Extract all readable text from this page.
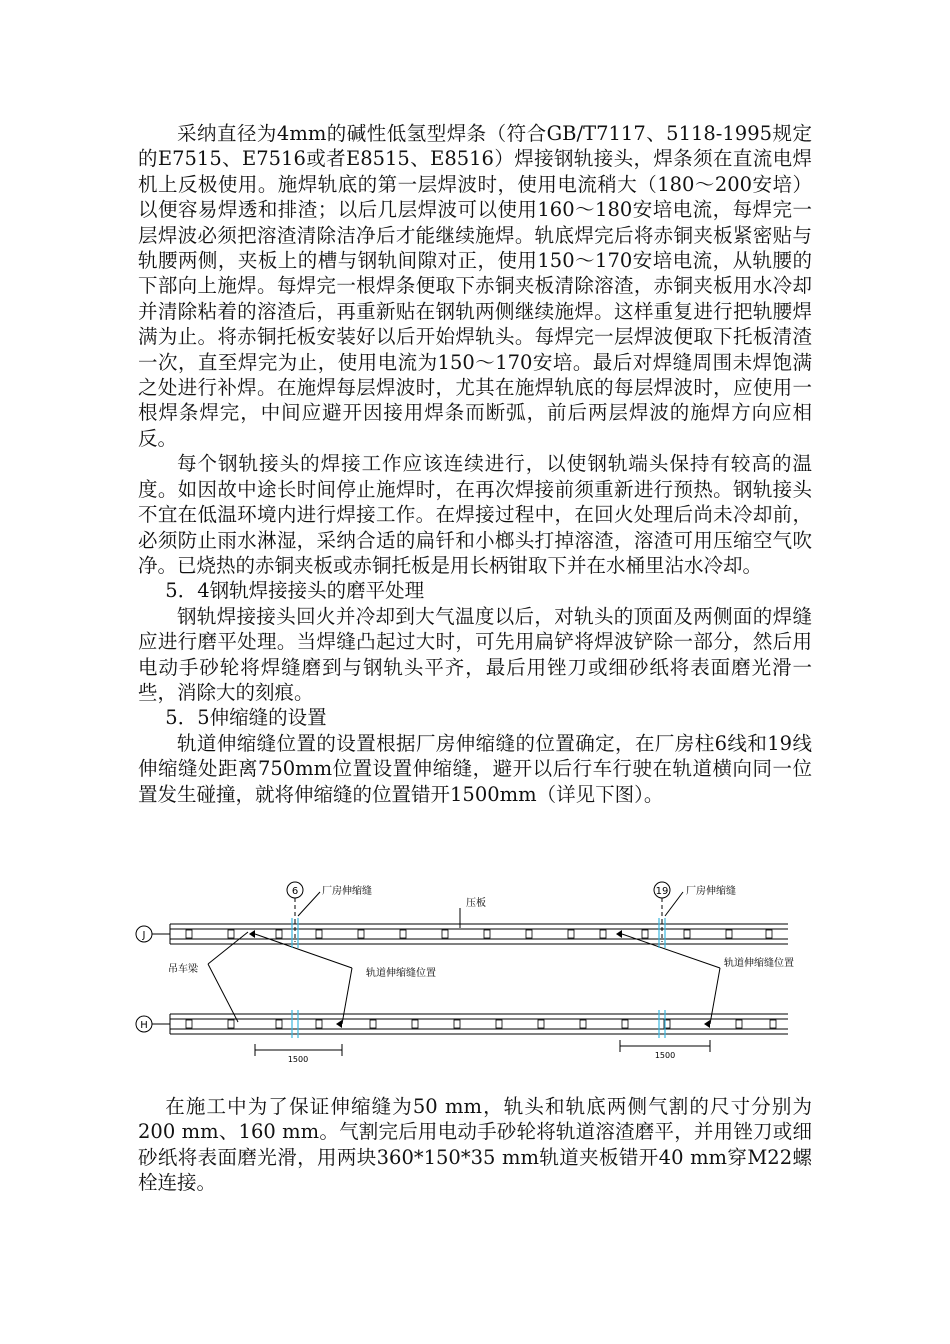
采纳直径为4mm的碱性低氢型焊条（符合GB/T7117、5118-1995规定的E7515、E7516或者E8515、E8516）焊接钢轨接头，焊条须在直流电焊机上反极使用。施焊轨底的第一层焊波时，使用电流稍大（180～200安培）以便容易焊透和排渣；以后几层焊波可以使用160～180安培电流，每焊完一层焊波必须把溶渣清除洁净后才能继续施焊。轨底焊完后将赤铜夹板紧密贴与轨腰两侧，夹板上的槽与钢轨间隙对正，使用150～170安培电流，从轨腰的下部向上施焊。每焊完一根焊条便取下赤铜夹板清除溶渣，赤铜夹板用水冷却并清除粘着的溶渣后，再重新贴在钢轨两侧继续施焊。这样重复进行把轨腰焊满为止。将赤铜托板安装好以后开始焊轨头。每焊完一层焊波便取下托板清渣一次，直至焊完为止，使用电流为150～170安培。最后对焊缝周围未焊饱满之处进行补焊。在施焊每层焊波时，尤其在施焊轨底的每层焊波时，应使用一根焊条焊完，中间应避开因接用焊条而断弧，前后两层焊波的施焊方向应相反。

每个钢轨接头的焊接工作应该连续进行，以使钢轨端头保持有较高的温度。如因故中途长时间停止施焊时，在再次焊接前须重新进行预热。钢轨接头不宜在低温环境内进行焊接工作。在焊接过程中，在回火处理后尚未冷却前，必须防止雨水淋湿，采纳合适的扁钎和小榔头打掉溶渣，溶渣可用压缩空气吹净。已烧热的赤铜夹板或赤铜托板是用长柄钳取下并在水桶里沾水冷却。

5．4钢轨焊接接头的磨平处理

钢轨焊接接头回火并冷却到大气温度以后，对轨头的顶面及两侧面的焊缝应进行磨平处理。当焊缝凸起过大时，可先用扁铲将焊波铲除一部分，然后用电动手砂轮将焊缝磨到与钢轨头平齐，最后用锉刀或细砂纸将表面磨光滑一些，消除大的刻痕。

5．5伸缩缝的设置

轨道伸缩缝位置的设置根据厂房伸缩缝的位置确定，在厂房柱6线和19线伸缩缝处距离750mm位置设置伸缩缝，避开以后行车行驶在轨道横向同一位置发生碰撞，就将伸缩缝的位置错开1500mm（详见下图）。

6	19
厂房伸缩缝	厂房伸缩缝
压板
J
H
吊车梁	轨道伸缩缝位置
轨道伸缩缝位置
1500	1500

在施工中为了保证伸缩缝为50 mm，轨头和轨底两侧气割的尺寸分别为200 mm、160 mm。气割完后用电动手砂轮将轨道溶渣磨平，并用锉刀或细砂纸将表面磨光滑，用两块360*150*35 mm轨道夹板错开40 mm穿M22螺栓连接。
